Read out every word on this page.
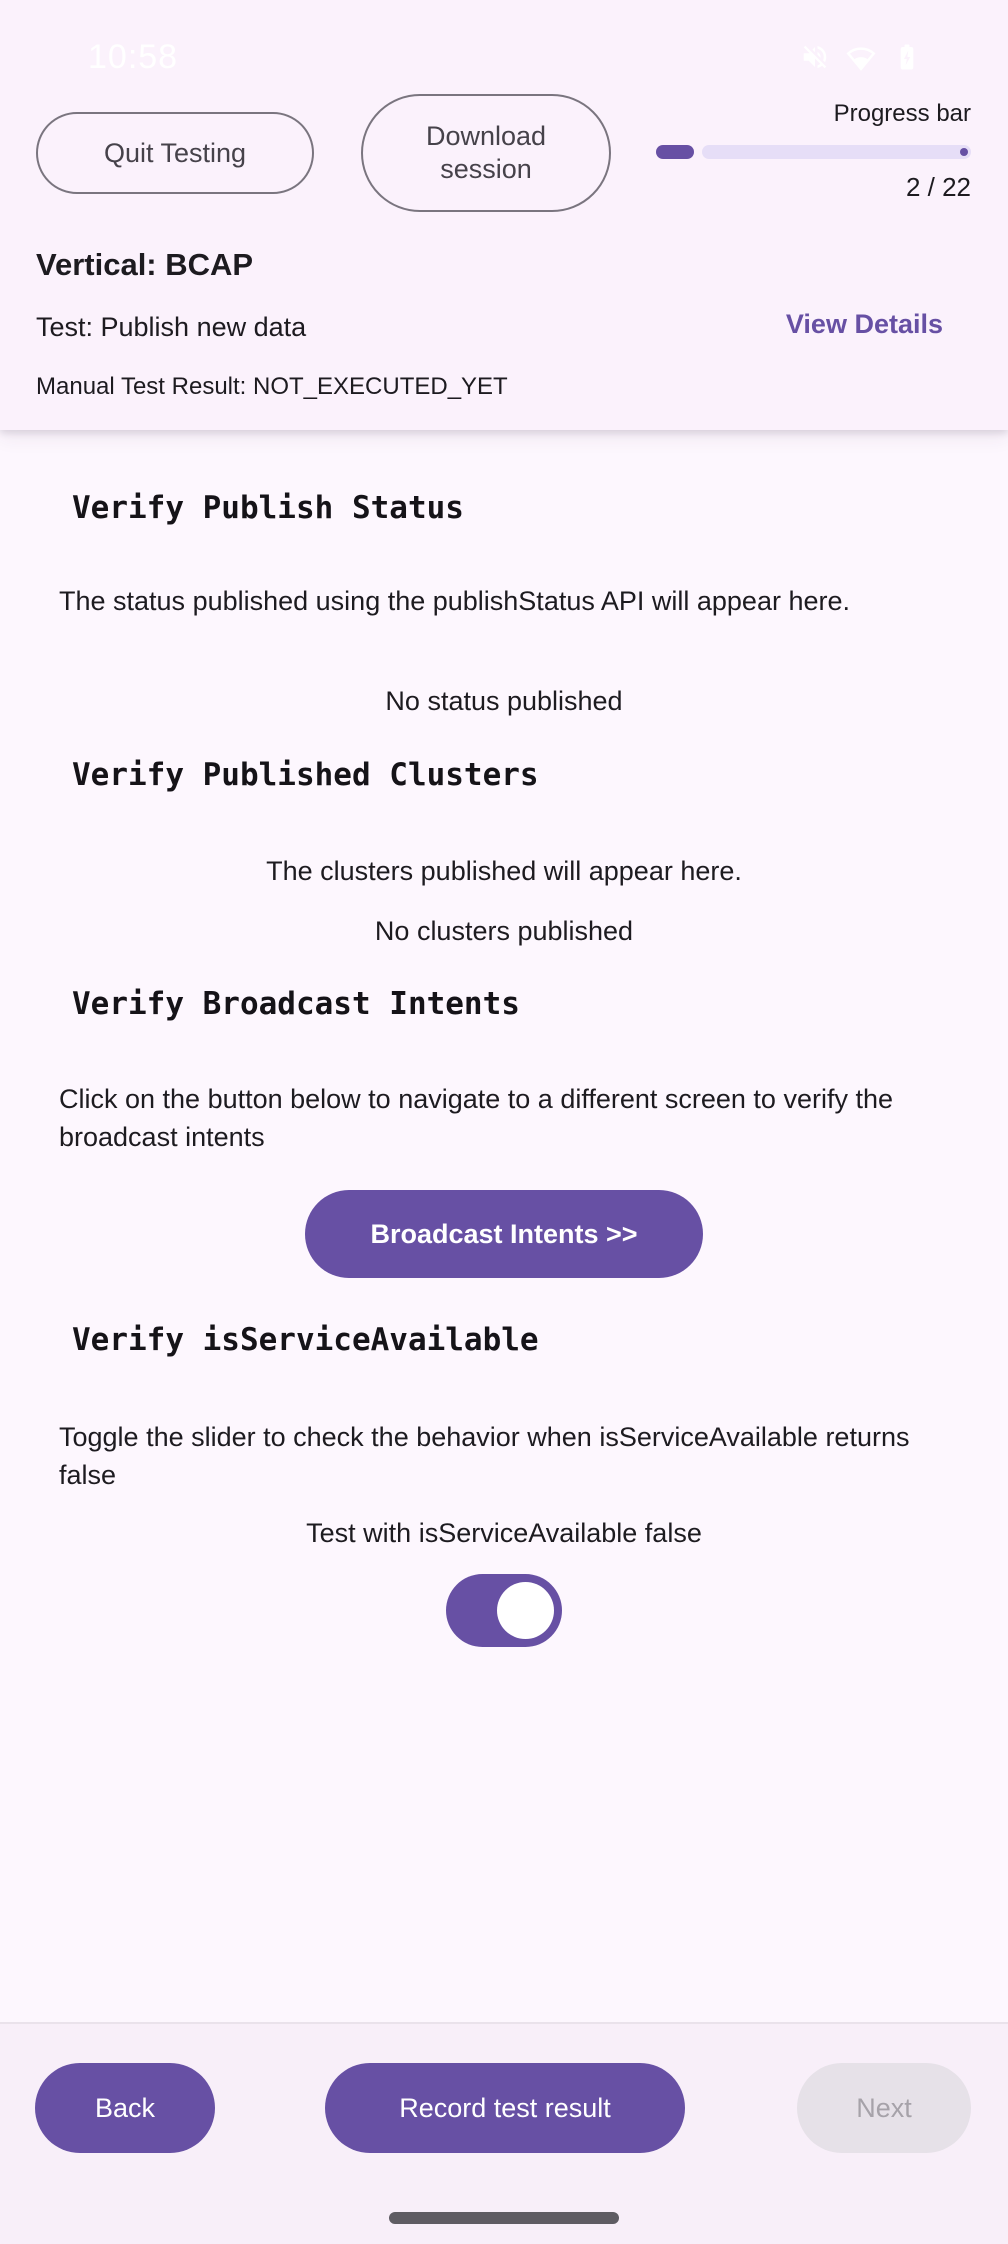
10:58
Quit Testing
Download session
Progress bar
2 / 22
Vertical: BCAP
Test: Publish new data	View Details
Manual Test Result: NOT_EXECUTED_YET
Verify Publish Status

The status published using the publishStatus API will appear here.

No status published

Verify Published Clusters

The clusters published will appear here.

No clusters published

Verify Broadcast Intents

Click on the button below to navigate to a different screen to verify the broadcast intents

Broadcast Intents >>
Verify isServiceAvailable

Toggle the slider to check the behavior when isServiceAvailable returns false

Test with isServiceAvailable false

Back	Record test result	Next
